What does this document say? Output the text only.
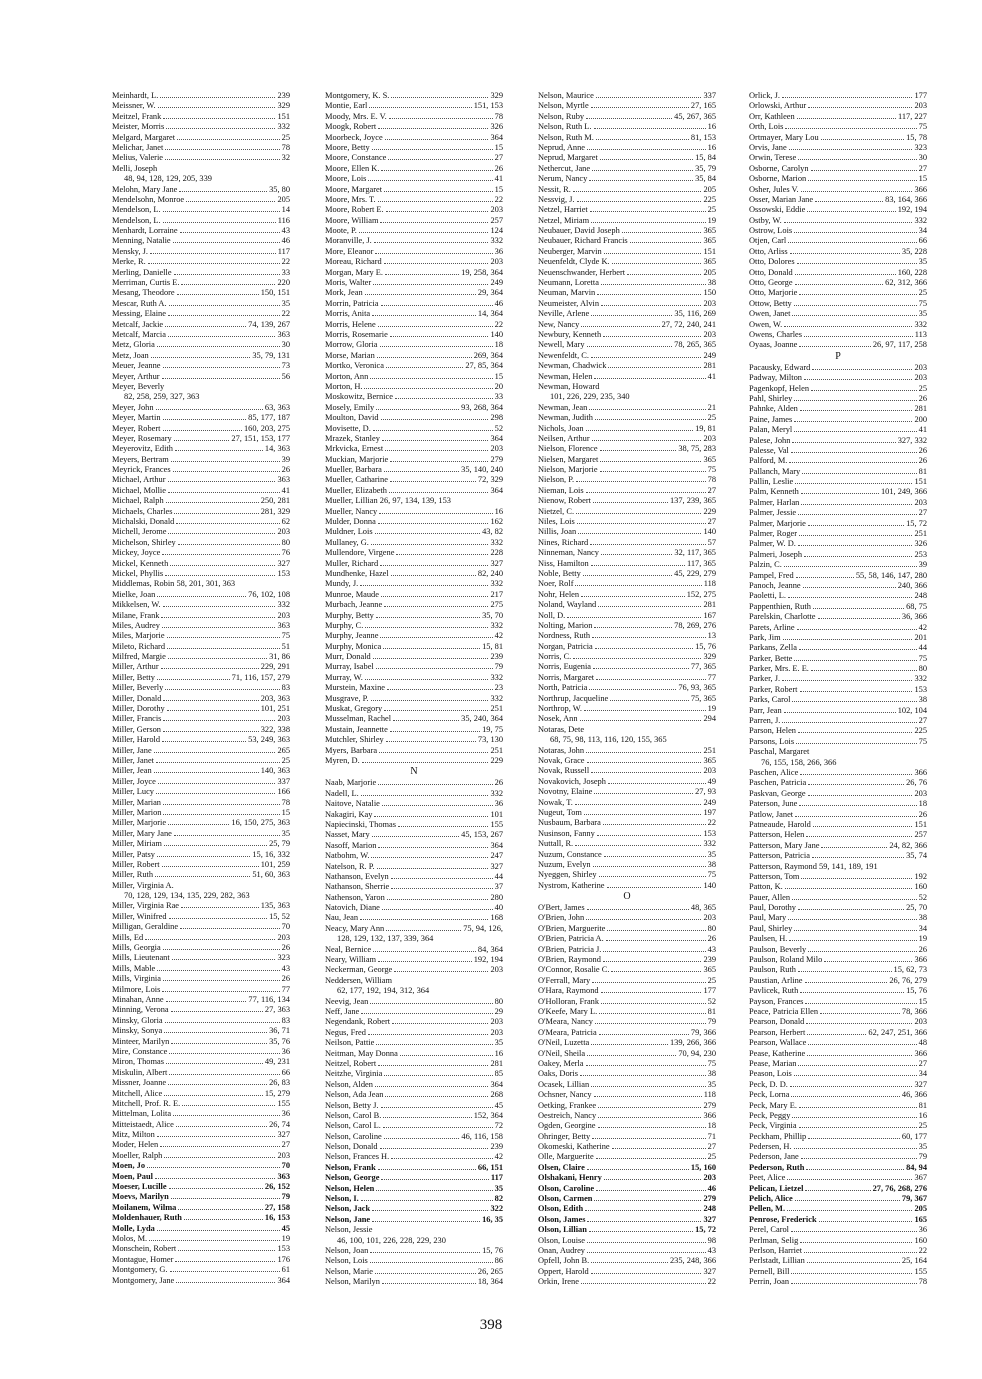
Meinhardt, L.	239
Meissner, W.	329
Meitzel, Frank	151
Meister, Morris	332
Melgard, Margaret	25
Melichar, Janet	78
Melius, Valerie	32
Melli, Joseph
48, 94, 128, 129, 205, 339
Melohn, Mary Jane	35, 80
Mendelsohn, Monroe	205
Mendelson, L.	14
Mendelson, L.	116
Menhardt, Lorraine	43
Menning, Natalie	46
Mensky, J.	117
Merke, R.	22
Merling, Danielle	33
Merriman, Curtis E.	220
Mesang, Theodore	150, 151
Mescar, Ruth A.	35
Messing, Elaine	22
Metcalf, Jackie	74, 139, 267
Metcalf, Marcia	363
Metz, Gloria	30
Metz, Joan	35, 79, 131
Meuer, Jeanne	73
Meyer, Arthur	56
Meyer, Beverly
82, 258, 259, 327, 363
Meyer, John	63, 363
Meyer, Martin	85, 177, 187
Meyer, Robert	160, 203, 275
Meyer, Rosemary	27, 151, 153, 177
Meyerovitz, Edith	14, 363
Meyers, Bertram	39
Meyrick, Frances	26
Michael, Arthur	363
Michael, Mollie	41
Michael, Ralph	250, 281
Michaels, Charles	281, 329
Michalski, Donald	62
Michell, Jerome	203
Michelson, Shirley	80
Mickey, Joyce	76
Mickel, Kenneth	327
Mickel, Phyllis	153
Middlemas, Robin 58, 201, 301, 363
Mielke, Joan	76, 102, 108
Mikkelsen, W.	332
Milane, Frank	203
Miles, Audrey	363
Miles, Marjorie	75
Mileto, Richard	51
Milfred, Margie	31, 86
Miller, Arthur	229, 291
Miller, Betty	71, 116, 157, 279
Miller, Beverly	83
Miller, Donald	203, 363
Miller, Dorothy	101, 251
Miller, Francis	203
Miller, Gerson	322, 338
Miller, Harold	53, 249, 363
Miller, Jane	265
Miller, Janet	25
Miller, Jean	140, 363
Miller, Joyce	337
Miller, Lucy	166
Miller, Marian	78
Miller, Marion	15
Miller, Marjorie	16, 150, 275, 363
Miller, Mary Jane	35
Miller, Miriam	25, 79
Miller, Patsy	15, 16, 332
Miller, Robert	101, 259
Miller, Ruth	51, 60, 363
Miller, Virginia A.
70, 128, 129, 134, 135, 229, 282, 363
Miller, Virginia Rae	135, 363
Miller, Winifred	15, 52
Milligan, Geraldine	70
Mills, Ed	203
Mills, Georgia	26
Mills, Lieutenant	323
Mills, Mable	43
Mills, Virginia	26
Milmore, Lois	77
Minahan, Anne	77, 116, 134
Minning, Verona	27, 363
Minsky, Gloria	83
Minsky, Sonya	36, 71
Minteer, Marilyn	35, 76
Mire, Constance	36
Miron, Thomas	49, 231
Miskulin, Albert	66
Missner, Joanne	26, 83
Mitchell, Alice	15, 279
Mitchell, Prof. R. E.	155
Mittelman, Lolita	36
Mitteistaedt, Alice	26, 74
Mitz, Milton	327
Moder, Helen	27
Moeller, Ralph	203
Moen, Jo	70
Moen, Paul	363
Moeser, Lucille	26, 152
Moevs, Marilyn	79
Moilanem, Wilma	27, 158
Moldenhauer, Ruth	16, 153
Molle, Lyda	45
Molos, M.	19
Monschein, Robert	153
Montague, Homer	176
Montgomery, G.	61
Montgomery, Jane	364
Montgomery, K. S.	329
Montie, Earl	151, 153
Moody, Mrs. E. V.	78
Moogk, Robert	326
Moorbeck, Joyce	364
Moore, Betty	15
Moore, Constance	27
Moore, Ellen K.	26
Moore, Lois	41
Moore, Margaret	15
Moore, Mrs. T.	22
Moore, Robert E.	203
Moore, William	257
Moote, P.	124
Moranville, J.	332
More, Eleanor	36
Moreau, Richard	203
Morgan, Mary E.	19, 258, 364
Moris, Walter	249
Mork, Jean	29, 364
Morrin, Patricia	46
Morris, Anita	14, 364
Morris, Helene	22
Morris, Rosemarie	140
Morrow, Gloria	18
Morse, Marian	269, 364
Mortko, Veronica	27, 85, 364
Morton, Ann	15
Morton, H.	20
Moskowitz, Bernice	33
Mosely, Emily	93, 268, 364
Moulton, David	298
Movisette, D.	52
Mrazek, Stanley	364
Mrkvicka, Ernest	203
Muckian, Marjorie	279
Mueller, Barbara	35, 140, 240
Mueller, Catharine	72, 329
Mueller, Elizabeth	364
Mueller, Lillian 26, 97, 134, 139, 153
Mueller, Nancy	16
Mulder, Donna	162
Muldner, Lois	43, 82
Mullaney, G.	332
Mullendore, Virgene	228
Muller, Richard	327
Mundhenke, Hazel	82, 240
Mundy, J.	332
Munroe, Maude	217
Murbach, Jeanne	275
Murphy, Betty	35, 70
Murphy, C.	332
Murphy, Jeanne	42
Murphy, Monica	15, 81
Murr, Donald	239
Murray, Isabel	79
Murray, W.	332
Murstein, Maxine	23
Musgrave, P.	332
Muskat, Gregory	251
Musselman, Rachel	35, 240, 364
Mustain, Jeannette	19, 75
Mutchler, Shirley	73, 130
Myers, Barbara	251
Myren, D.	229
N
Naab, Marjorie	26
Nadell, L.	332
Naitove, Natalie	36
Nakagiri, Kay	101
Napiecinski, Thomas	155
Nasset, Mary	45, 153, 267
Nasoff, Marion	364
Natbohm, W.	247
Natelson, R. P.	327
Nathanson, Evelyn	44
Nathanson, Sherrie	37
Nathenson, Yaron	280
Natovich, Diane	40
Nau, Jean	168
Neacy, Mary Ann	75, 94, 126,
128, 129, 132, 137, 339, 364
Neal, Bernice	84, 364
Neary, William	192, 194
Neckerman, George	203
Neddersen, William
62, 177, 192, 194, 312, 364
Neevig, Jean	80
Neff, Jane	29
Negendank, Robert	203
Negus, Fred	203
Neilson, Pattie	35
Neitman, May Donna	16
Neitzel, Robert	281
Neitzhe, Virginia	85
Nelson, Alden	364
Nelson, Ada Jean	268
Nelson, Betty J.	45
Nelson, Carol B.	152, 364
Nelson, Carol L.	72
Nelson, Caroline	46, 116, 158
Nelson, Donald	239
Nelson, Frances H.	42
Nelson, Frank	66, 151
Nelson, George	117
Nelson, Helen	35
Nelson, I.	82
Nelson, Jack	322
Nelson, Jane	16, 35
Nelson, Jessie
46, 100, 101, 226, 228, 229, 230
Nelson, Joan	15, 76
Nelson, Lois	86
Nelson, Marie	26, 265
Nelson, Marilyn	18, 364
Nelson, Maurice	337
Nelson, Myrtle	27, 165
Nelson, Ruby	45, 267, 365
Nelson, Ruth L.	16
Nelson, Ruth M.	81, 153
Neprud, Anne	16
Neprud, Margaret	15, 84
Nethercut, Jane	35, 79
Nerum, Nancy	35, 84
Nessit, R.	205
Nessvig, J.	225
Netzel, Harriet	25
Netzel, Miriam	19
Neubauer, David Joseph	365
Neubauer, Richard Francis	365
Neuberger, Marvin	151
Neuenfeldt, Clyde K.	365
Neuenschwander, Herbert	205
Neumann, Loretta	38
Neuman, Marvin	150
Neumeister, Alvin	203
Neville, Arlene	35, 116, 269
New, Nancy	27, 72, 240, 241
Newbury, Kenneth	203
Newell, Mary	78, 265, 365
Newenfeldt, C.	249
Newman, Chadwick	281
Newman, Helen	41
Newman, Howard
101, 226, 229, 235, 340
Newman, Jean	21
Newman, Judith	25
Nichols, Joan	19, 81
Neilsen, Arthur	203
Nielson, Florence	38, 75, 283
Nielsen, Margaret	365
Nielson, Marjorie	75
Nielson, P.	78
Nieman, Lois	27
Nienow, Robert	137, 239, 365
Nietzel, C.	229
Niles, Lois	27
Nillis, Joan	140
Nines, Richard	57
Ninneman, Nancy	32, 117, 365
Niss, Hamilton	117, 365
Noble, Betty	45, 229, 279
Noer, Rolf	118
Nohr, Helen	152, 275
Noland, Wayland	281
Noll, D.	167
Nolting, Marion	78, 269, 276
Nordness, Ruth	13
Norgan, Patricia	15, 76
Norris, C.	329
Norris, Eugenia	77, 365
Norris, Margaret	77
North, Patricia	76, 93, 365
Northrup, Jacqueline	75, 365
Northrop, W.	19
Nosek, Ann	294
Notaras, Dete
68, 75, 98, 113, 116, 120, 155, 365
Notaras, John	251
Novak, Grace	365
Novak, Russell	203
Novakovich, Joseph	49
Novotny, Elaine	27, 93
Nowak, T.	249
Nugeut, Tom	197
Nusbaum, Barbara	22
Nusinson, Fanny	153
Nuttall, R.	332
Nuzum, Constance	35
Nuzum, Evelyn	38
Nyeggen, Shirley	75
Nystrom, Katherine	140
O
O'Bert, James	48, 365
O'Brien, John	203
O'Brien, Marguerite	80
O'Brien, Patricia A.	26
O'Brien, Patricia J.	43
O'Brien, Raymond	239
O'Connor, Rosalie C.	365
O'Ferrall, Mary	25
O'Hara, Raymond	177
O'Holloran, Frank	52
O'Keefe, Mary L.	81
O'Meara, Nancy	79
O'Meara, Patricia	79, 366
O'Neil, Luzetta	139, 266, 366
O'Neil, Sheila	70, 94, 230
Oakey, Merla	75
Oaks, Doris	38
Ocasek, Lillian	35
Ochsner, Nancy	118
Oetking, Frankee	279
Oestreich, Nancy	366
Ogden, Georgine	18
Ohringer, Betty	71
Okomeski, Katherine	27
Olle, Marguerite	25
Olsen, Claire	15, 160
Olshakani, Henry	203
Olson, Caroline	46
Olson, Carmen	279
Olson, Edith	248
Olson, James	327
Olson, Lillian	15, 72
Olson, Louise	98
Onan, Audrey	43
Opfell, John B.	235, 248, 366
Oppert, Harold	327
Orkin, Irene	22
Orlick, J.	177
Orlowski, Arthur	203
Orr, Kathleen	117, 227
Orth, Lois	75
Ortmayer, Mary Lou	15, 78
Orvis, Jane	323
Orwin, Terese	30
Osborne, Carolyn	27
Osborne, Marion	15
Osher, Jules V.	366
Osser, Marian Jane	83, 164, 366
Ossowski, Eddie	192, 194
Ostby, W.	332
Ostrow, Lois	34
Otjen, Carl	66
Otto, Arliss	35, 228
Otto, Dolores	35
Otto, Donald	160, 228
Otto, George	62, 312, 366
Otto, Marjorie	25
Ottow, Betty	75
Owen, Janet	35
Owen, W.	332
Owens, Charles	113
Oyaas, Joanne	26, 97, 117, 258
P
Pacausky, Edward	203
Padway, Milton	203
Pagenkopf, Helen	25
Pahl, Shirley	26
Pahnke, Alden	281
Paine, James	200
Palan, Meryl	41
Palese, John	327, 332
Palesse, Val	26
Palford, M.	26
Pallanch, Mary	81
Pallin, Leslie	151
Palm, Kenneth	101, 249, 366
Palmer, Harlan	203
Palmer, Jessie	27
Palmer, Marjorie	15, 72
Palmer, Roger	251
Palmer, W. D.	326
Palmeri, Joseph	253
Palzin, C.	39
Pampel, Fred	55, 58, 146, 147, 280
Panoch, Jeanne	240, 366
Paoletti, L.	248
Pappenthien, Ruth	68, 75
Parelskin, Charlotte	36, 366
Parets, Arline	42
Park, Jim	201
Parkans, Zella	44
Parker, Bette	75
Parker, Mrs. E. E.	80
Parker, J.	332
Parker, Robert	153
Parks, Carol	38
Parr, Jean	102, 104
Parren, J.	27
Parson, Helen	225
Parsons, Lois	75
Paschal, Margaret
76, 155, 158, 266, 366
Paschen, Alice	366
Paschen, Patricia	26, 76
Paskvan, George	203
Paterson, June	18
Patlow, Janet	26
Patneaude, Harold	151
Patterson, Helen	257
Patterson, Mary Jane	24, 82, 366
Patterson, Patricia	35, 74
Patterson, Raymond 59, 141, 189, 191
Patterson, Tom	192
Patton, K.	160
Pauer, Allen	52
Paul, Dorothy	25, 70
Paul, Mary	38
Paul, Shirley	34
Paulsen, H.	19
Paulson, Beverly	26
Paulson, Roland Milo	366
Paulson, Ruth	15, 62, 73
Paustian, Arline	26, 76, 279
Pavlicek, Ruth	15, 76
Payson, Frances	15
Peace, Patricia Ellen	78, 366
Pearson, Donald	203
Pearson, Herbert	62, 247, 251, 366
Pearson, Wallace	48
Pease, Katherine	366
Pease, Marian	27
Peason, Lois	34
Peck, D. D.	327
Peck, Lorna	46, 366
Peck, Mary E.	81
Peck, Peggy	16
Peck, Virginia	25
Peckham, Phillip	60, 177
Pedersen, H.	35
Pederson, Jane	79
Pederson, Ruth	84, 94
Peet, Alice	367
Pelican, Lietzel	27, 76, 268, 276
Pelich, Alice	79, 367
Pellen, M.	205
Penrose, Frederick	165
Perel, Carol	36
Perlman, Selig	160
Perlson, Harriet	22
Perlstadt, Lillian	25, 164
Pernell, Bill	155
Perrin, Joan	78
398
